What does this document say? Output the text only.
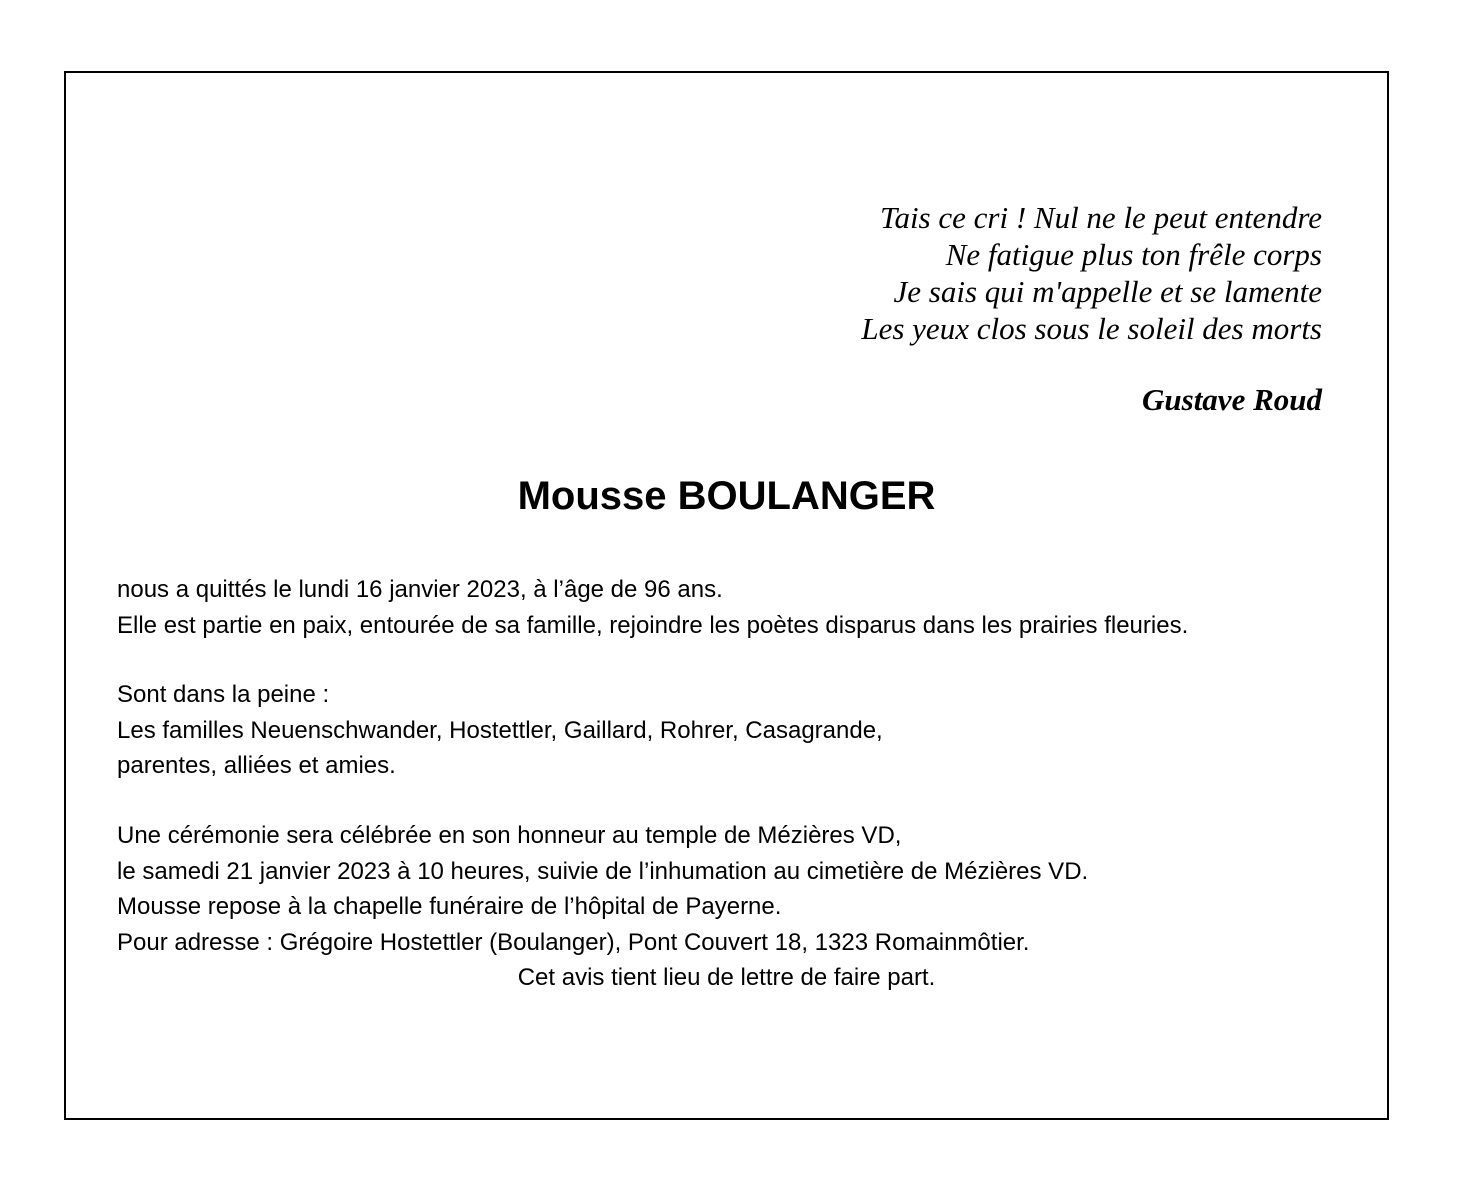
Tais ce cri ! Nul ne le peut entendre
Ne fatigue plus ton frêle corps
Je sais qui m'appelle et se lamente
Les yeux clos sous le soleil des morts
Gustave Roud
Mousse BOULANGER
nous a quittés le lundi 16 janvier 2023, à l’âge de 96 ans.
Elle est partie en paix, entourée de sa famille, rejoindre les poètes disparus dans les prairies fleuries.
Sont dans la peine :
Les familles Neuenschwander, Hostettler, Gaillard, Rohrer, Casagrande,
parentes, alliées et amies.
Une cérémonie sera célébrée en son honneur au temple de Mézières VD,
le samedi 21 janvier 2023 à 10 heures, suivie de l’inhumation au cimetière de Mézières VD.
Mousse repose à la chapelle funéraire de l’hôpital de Payerne.
Pour adresse : Grégoire Hostettler (Boulanger), Pont Couvert 18, 1323 Romainmôtier.
Cet avis tient lieu de lettre de faire part.
